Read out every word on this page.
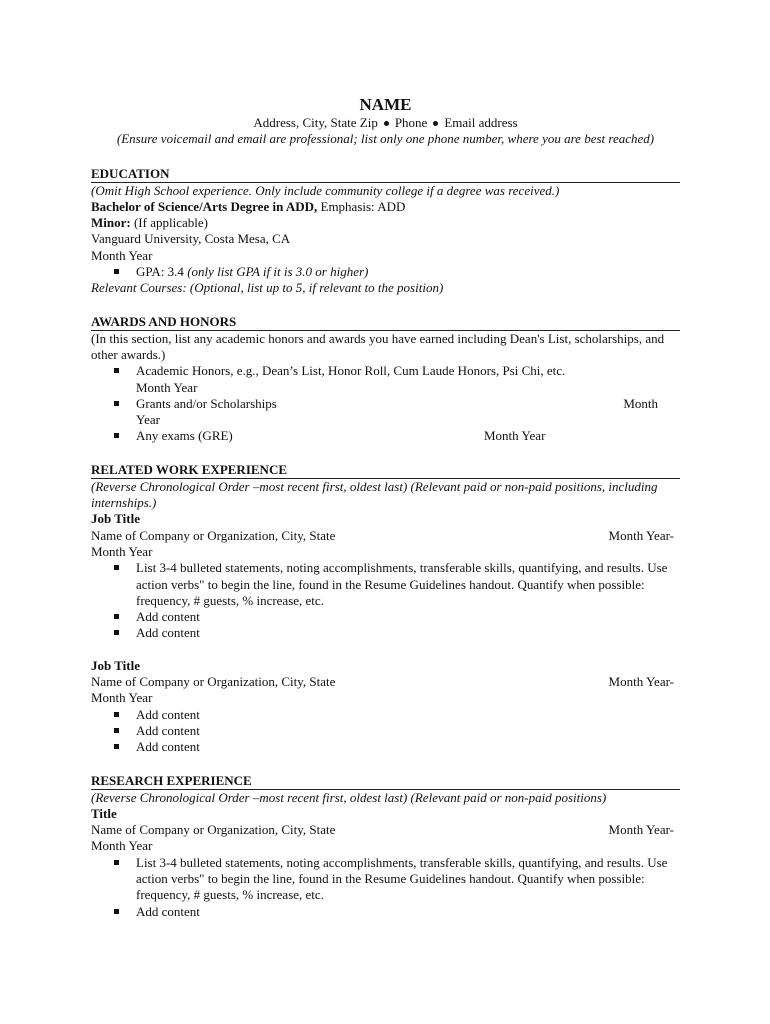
NAME
Address, City, State Zip Phone Email address
(Ensure voicemail and email are professional; list only one phone number, where you are best reached)
EDUCATION
(Omit High School experience. Only include community college if a degree was received.)
Bachelor of Science/Arts Degree in ADD, Emphasis: ADD
Minor: (If applicable)
Vanguard University, Costa Mesa, CA
Month Year
GPA: 3.4 (only list GPA if it is 3.0 or higher)
Relevant Courses: (Optional, list up to 5, if relevant to the position)
AWARDS AND HONORS
(In this section, list any academic honors and awards you have earned including Dean's List, scholarships, and other awards.)
Academic Honors, e.g., Dean’s List, Honor Roll, Cum Laude Honors, Psi Chi, etc.
Month Year
Grants and/or Scholarships	Month
Year
Any exams (GRE)	Month Year
RELATED WORK EXPERIENCE
(Reverse Chronological Order –most recent first, oldest last) (Relevant paid or non-paid positions, including internships.)
Job Title
Name of Company or Organization, City, State	Month Year-
Month Year
List 3-4 bulleted statements, noting accomplishments, transferable skills, quantifying, and results. Use action verbs" to begin the line, found in the Resume Guidelines handout. Quantify when possible: frequency, # guests, % increase, etc.
Add content
Add content
Job Title
Name of Company or Organization, City, State	Month Year-
Month Year
Add content
Add content
Add content
RESEARCH EXPERIENCE
(Reverse Chronological Order –most recent first, oldest last) (Relevant paid or non-paid positions)
Title
Name of Company or Organization, City, State	Month Year-
Month Year
List 3-4 bulleted statements, noting accomplishments, transferable skills, quantifying, and results. Use action verbs" to begin the line, found in the Resume Guidelines handout. Quantify when possible: frequency, # guests, % increase, etc.
Add content
